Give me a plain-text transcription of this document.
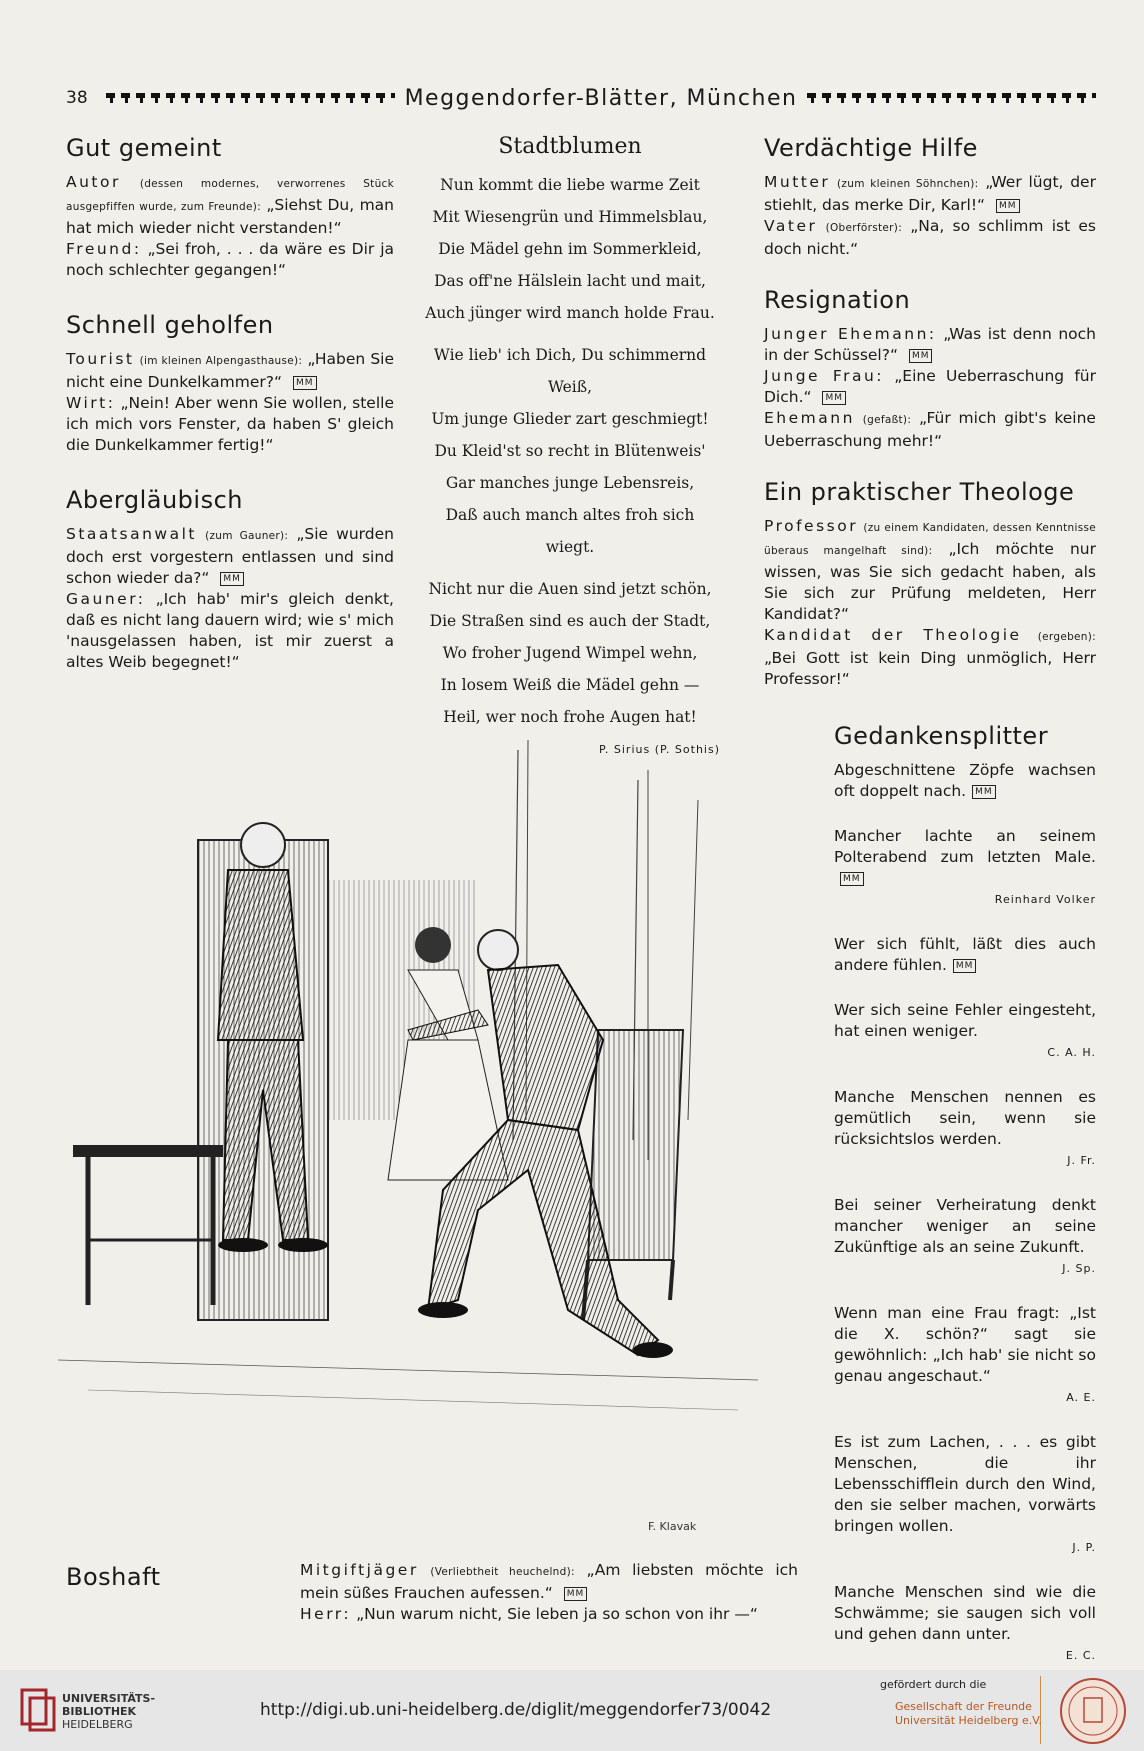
38	Meggendorfer-Blätter, München
Gut gemeint

Autor (dessen modernes, verworrenes Stück ausgepfiffen wurde, zum Freunde): „Siehst Du, man hat mich wieder nicht verstanden!“
Freund: „Sei froh, . . . da wäre es Dir ja noch schlechter gegangen!“

Schnell geholfen

Tourist (im kleinen Alpengasthause): „Haben Sie nicht eine Dunkelkammer?“ MM
Wirt: „Nein! Aber wenn Sie wollen, stelle ich mich vors Fenster, da haben S' gleich die Dunkelkammer fertig!“

Abergläubisch

Staatsanwalt (zum Gauner): „Sie wurden doch erst vorgestern entlassen und sind schon wieder da?“ MM
Gauner: „Ich hab' mir's gleich denkt, daß es nicht lang dauern wird; wie s' mich 'nausgelassen haben, ist mir zuerst a altes Weib begegnet!“

Stadtblumen
Nun kommt die liebe warme Zeit
Mit Wiesengrün und Himmelsblau,
Die Mädel gehn im Sommerkleid,
Das off'ne Hälslein lacht und mait,
Auch jünger wird manch holde Frau.
Wie lieb' ich Dich, Du schimmernd Weiß,
Um junge Glieder zart geschmiegt!
Du Kleid'st so recht in Blütenweis'
Gar manches junge Lebensreis,
Daß auch manch altes froh sich wiegt.
Nicht nur die Auen sind jetzt schön,
Die Straßen sind es auch der Stadt,
Wo froher Jugend Wimpel wehn,
In losem Weiß die Mädel gehn —
Heil, wer noch frohe Augen hat!
P. Sirius (P. Sothis)
Verdächtige Hilfe

Mutter (zum kleinen Söhnchen): „Wer lügt, der stiehlt, das merke Dir, Karl!“ MM
Vater (Oberförster): „Na, so schlimm ist es doch nicht.“

Resignation

Junger Ehemann: „Was ist denn noch in der Schüssel?“ MM
Junge Frau: „Eine Ueberraschung für Dich.“ MM
Ehemann (gefaßt): „Für mich gibt's keine Ueberraschung mehr!“

Ein praktischer Theologe

Professor (zu einem Kandidaten, dessen Kenntnisse überaus mangelhaft sind): „Ich möchte nur wissen, was Sie sich gedacht haben, als Sie sich zur Prüfung meldeten, Herr Kandidat?“
Kandidat der Theologie (ergeben): „Bei Gott ist kein Ding unmöglich, Herr Professor!“

Gedankensplitter

Abgeschnittene Zöpfe wachsen oft doppelt nach. MM

Mancher lachte an seinem Polterabend zum letzten Male.MM
Reinhard Volker

Wer sich fühlt, läßt dies auch andere fühlen. MM

Wer sich seine Fehler eingesteht, hat einen weniger.
C. A. H.

Manche Menschen nennen es gemütlich sein, wenn sie rücksichtslos werden.
J. Fr.

Bei seiner Verheiratung denkt mancher weniger an seine Zukünftige als an seine Zukunft.
J. Sp.

Wenn man eine Frau fragt: „Ist die X. schön?“ sagt sie gewöhnlich: „Ich hab' sie nicht so genau angeschaut.“
A. E.

Es ist zum Lachen, . . . es gibt Menschen, die ihr Lebensschifflein durch den Wind, den sie selber machen, vorwärts bringen wollen.
J. P.

Manche Menschen sind wie die Schwämme; sie saugen sich voll und gehen dann unter.
E. C.

F. Klavak
Boshaft	Mitgiftjäger (Verliebtheit heuchelnd): „Am liebsten möchte ich mein süßes Frauchen aufessen.“ MM
Herr: „Nun warum nicht, Sie leben ja so schon von ihr —“

UNIVERSITÄTS-
BIBLIOTHEK
HEIDELBERG
http://digi.ub.uni-heidelberg.de/diglit/meggendorfer73/0042
gefördert durch die
Gesellschaft der Freunde
Universität Heidelberg e.V.
